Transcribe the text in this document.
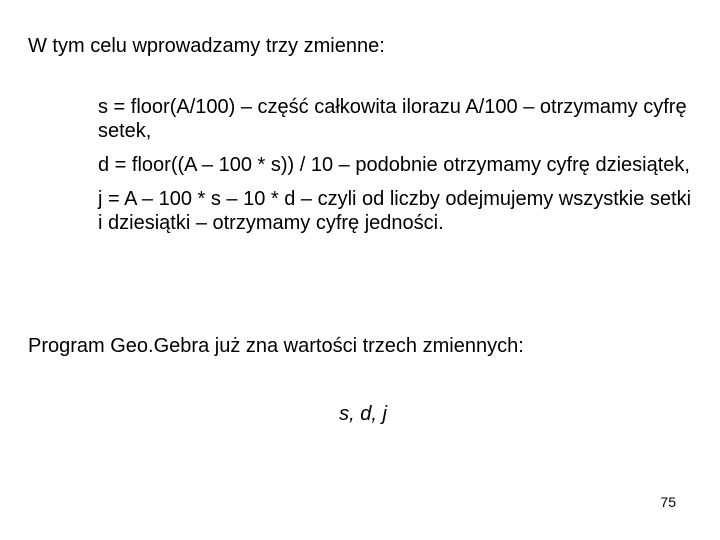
W tym celu wprowadzamy trzy zmienne:

s = floor(A/100) – część całkowita ilorazu A/100 – otrzymamy cyfrę setek,
d = floor((A – 100 * s)) / 10 – podobnie otrzymamy cyfrę dziesiątek,
j = A – 100 * s – 10 * d – czyli od liczby odejmujemy wszystkie setki i dziesiątki – otrzymamy cyfrę jedności.

Program Geo.Gebra już zna wartości trzech zmiennych:

s, d, j

75
